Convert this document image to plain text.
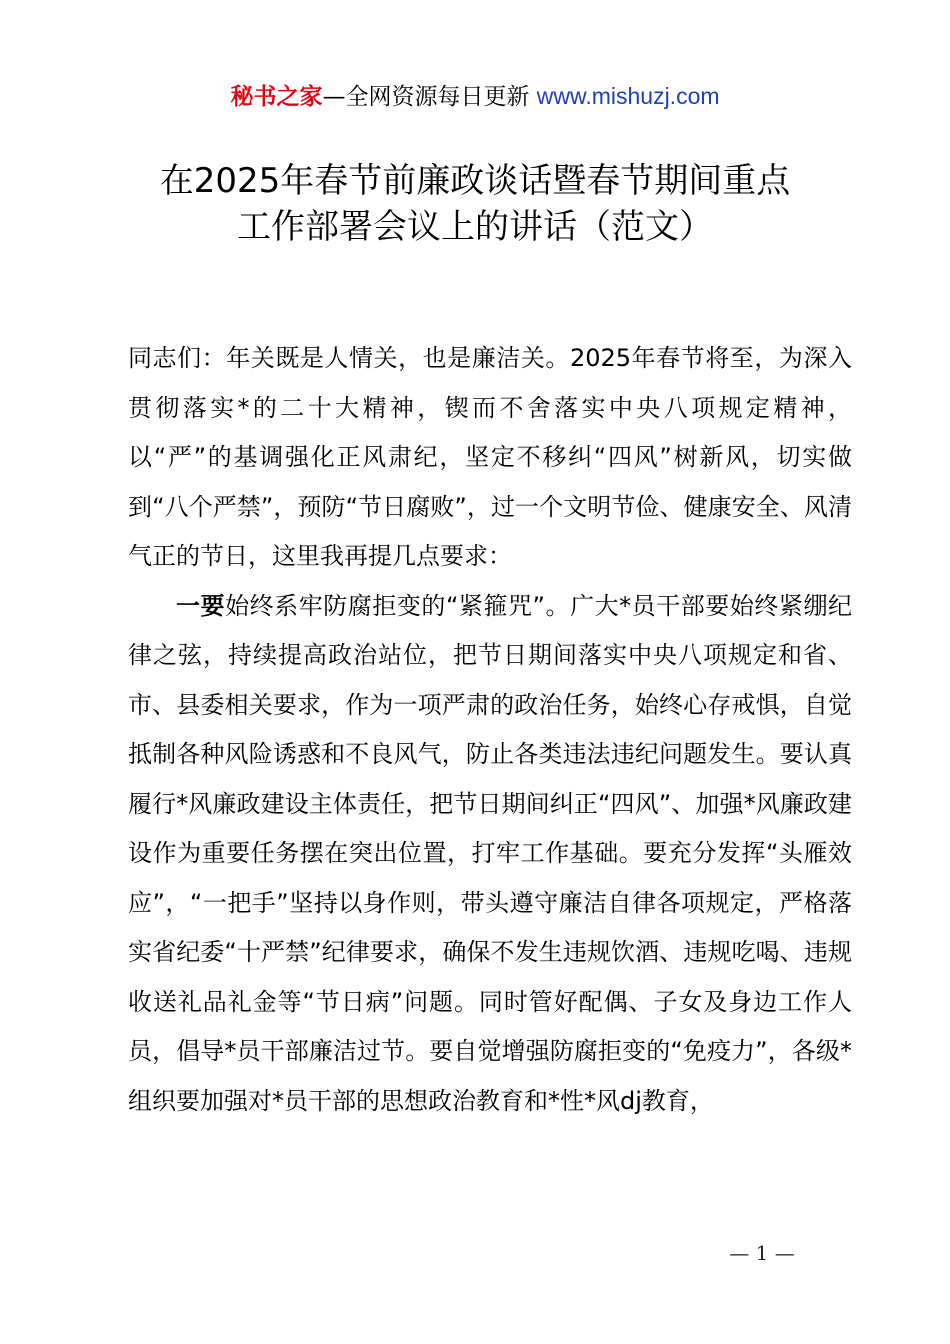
秘书之家—全网资源每日更新 www.mishuzj.com
在2025年春节前廉政谈话暨春节期间重点
工作部署会议上的讲话（范文）

同志们：年关既是人情关，也是廉洁关。2025年春节将至，为深入贯彻落实*的二十大精神，锲而不舍落实中央八项规定精神，以“严”的基调强化正风肃纪，坚定不移纠“四风”树新风，切实做到“八个严禁”，预防“节日腐败”，过一个文明节俭、健康安全、风清气正的节日，这里我再提几点要求：

一要始终系牢防腐拒变的“紧箍咒”。广大*员干部要始终紧绷纪律之弦，持续提高政治站位，把节日期间落实中央八项规定和省、市、县委相关要求，作为一项严肃的政治任务，始终心存戒惧，自觉抵制各种风险诱惑和不良风气，防止各类违法违纪问题发生。要认真履行*风廉政建设主体责任，把节日期间纠正“四风”、加强*风廉政建设作为重要任务摆在突出位置，打牢工作基础。要充分发挥“头雁效应”，“一把手”坚持以身作则，带头遵守廉洁自律各项规定，严格落实省纪委“十严禁”纪律要求，确保不发生违规饮酒、违规吃喝、违规收送礼品礼金等“节日病”问题。同时管好配偶、子女及身边工作人员，倡导*员干部廉洁过节。要自觉增强防腐拒变的“免疫力”，各级*组织要加强对*员干部的思想政治教育和*性*风dj教育，

— 1 —
